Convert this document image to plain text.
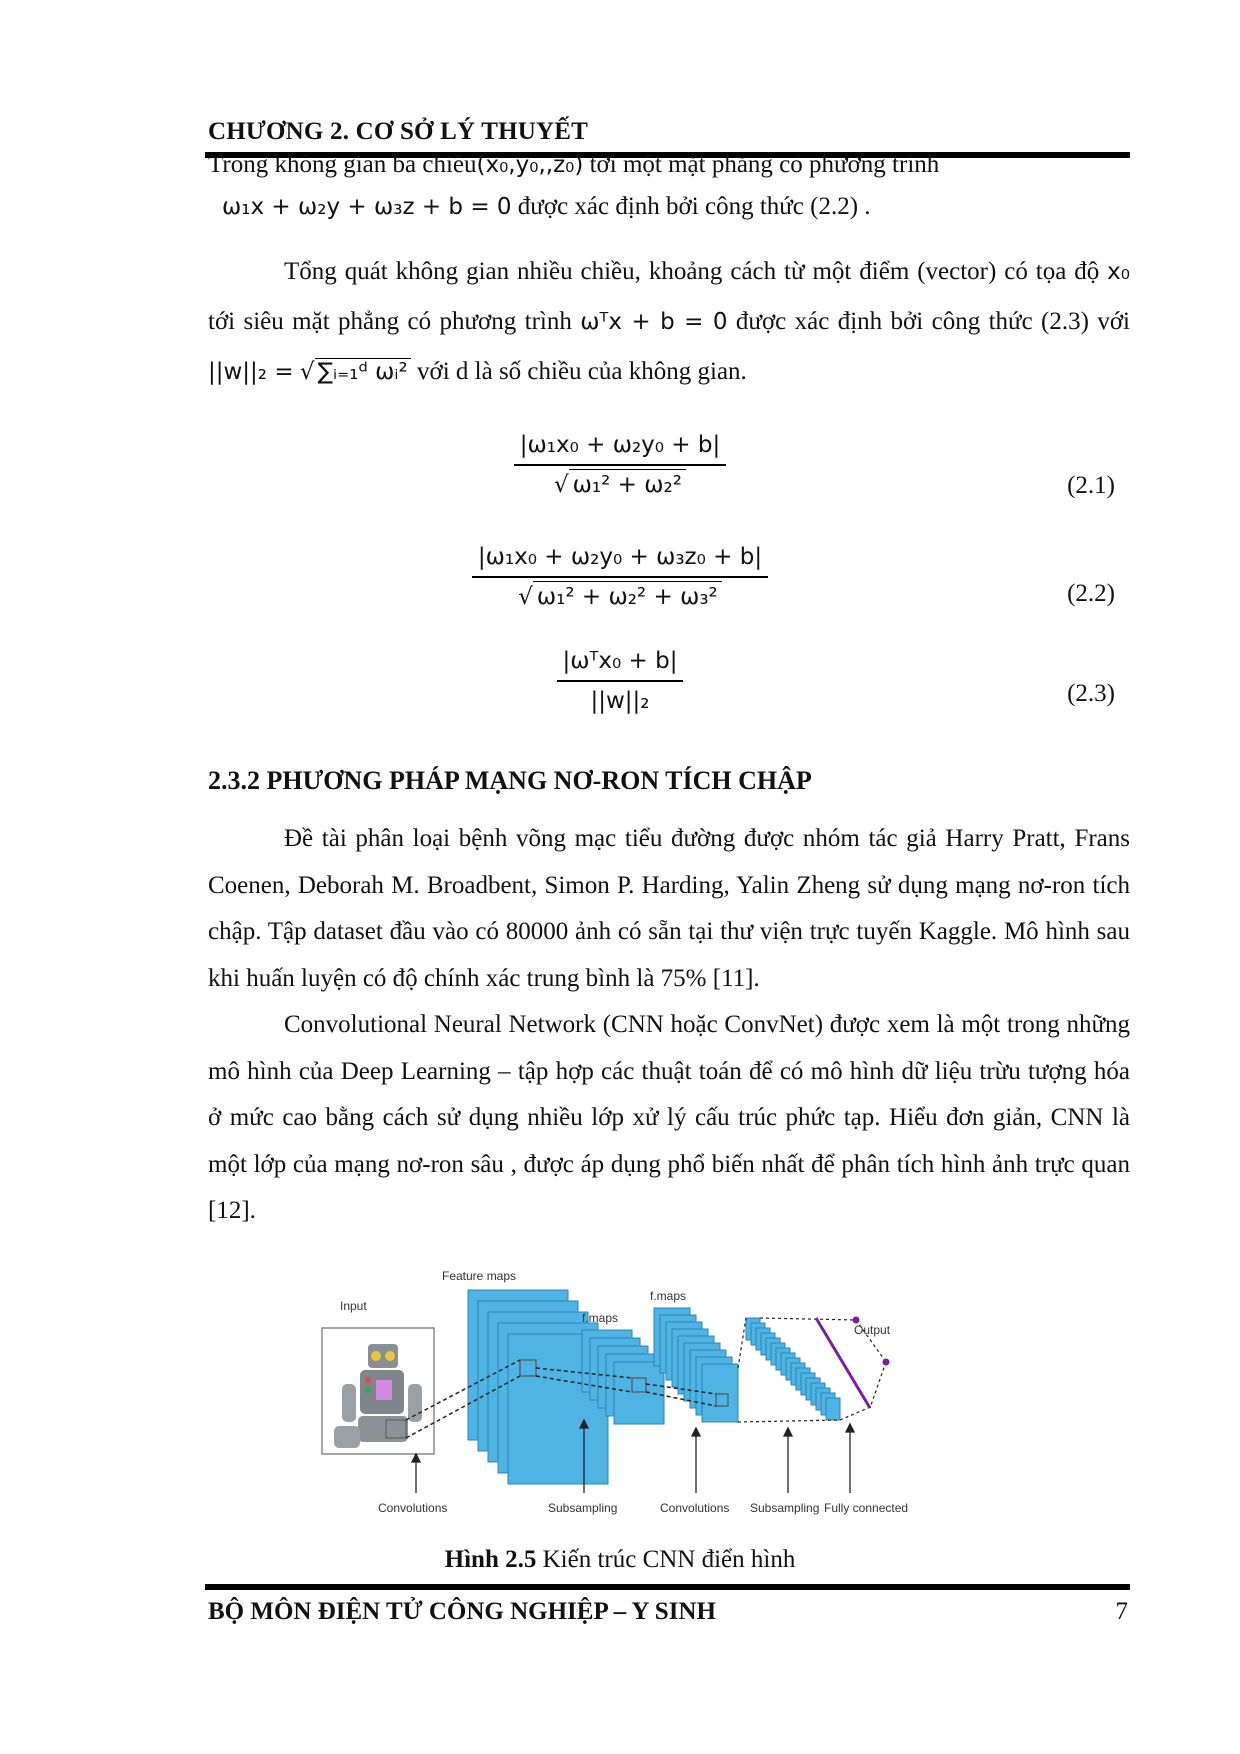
CHƯƠNG 2. CƠ SỞ LÝ THUYẾT

Trong không gian ba chiều(x₀,y₀,,z₀) tới một mặt phẳng có phương trình

ω₁x + ω₂y + ω₃z + b = 0 được xác định bởi công thức (2.2) .

Tổng quát không gian nhiều chiều, khoảng cách từ một điểm (vector) có tọa độ x₀ tới siêu mặt phẳng có phương trình ωᵀx + b = 0 được xác định bởi công thức (2.3) với ||w||₂ = √ ∑ᵢ₌₁ᵈ ωᵢ² với d là số chiều của không gian.

$\frac{\text{|ω₁x₀ + ω₂y₀ + b|}}{\text{√ ω₁² + ω₂²}}$	(2.1)
$\frac{\text{|ω₁x₀ + ω₂y₀ + ω₃z₀ + b|}}{\text{√ ω₁² + ω₂² + ω₃²}}$	(2.2)
$\frac{\text{|ωᵀx₀ + b|}}{\text{||w||₂}}$	(2.3)
2.3.2 PHƯƠNG PHÁP MẠNG NƠ-RON TÍCH CHẬP

Đề tài phân loại bệnh võng mạc tiểu đường được nhóm tác giả Harry Pratt, Frans Coenen, Deborah M. Broadbent, Simon P. Harding, Yalin Zheng sử dụng mạng nơ-ron tích chập. Tập dataset đầu vào có 80000 ảnh có sẵn tại thư viện trực tuyến Kaggle. Mô hình sau khi huấn luyện có độ chính xác trung bình là 75% [11].

Convolutional Neural Network (CNN hoặc ConvNet) được xem là một trong những mô hình của Deep Learning – tập hợp các thuật toán để có mô hình dữ liệu trừu tượng hóa ở mức cao bằng cách sử dụng nhiều lớp xử lý cấu trúc phức tạp. Hiểu đơn giản, CNN là một lớp của mạng nơ-ron sâu , được áp dụng phổ biến nhất để phân tích hình ảnh trực quan [12].

Input
Feature maps
f.maps
f.maps
Output
Convolutions	Subsampling	Convolutions Subsampling Fully connected
Hình 2.5 Kiến trúc CNN điển hình
BỘ MÔN ĐIỆN TỬ CÔNG NGHIỆP – Y SINH	7
